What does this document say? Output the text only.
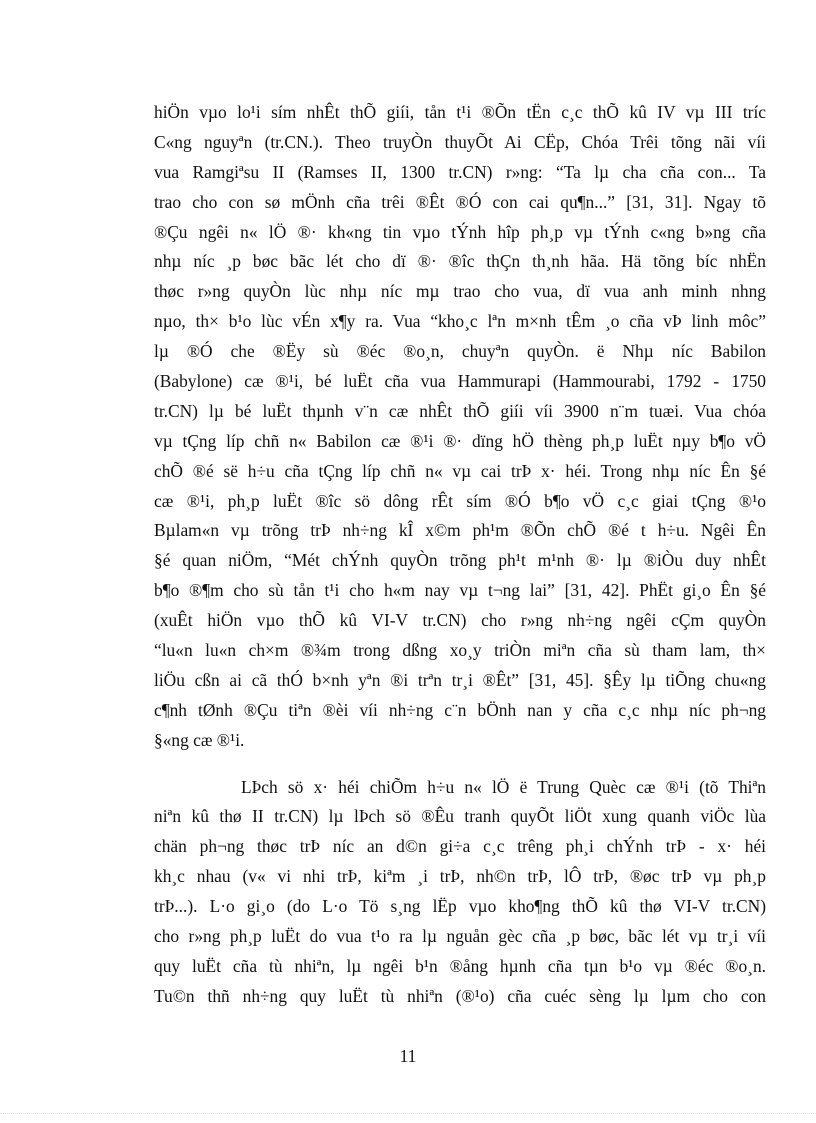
hiÖn vµo lo¹i sím nhÊt thÕ giíi, tån t¹i ®Õn tËn c¸c thÕ kû IV vµ III tríc
C«ng nguyªn (tr.CN.). Theo truyÒn thuyÕt Ai CËp, Chóa Trêi tõng nãi víi
vua Ramgiªsu II (Ramses II, 1300 tr.CN) r»ng: “Ta lµ cha cña con... Ta
trao cho con sø mÖnh cña trêi ®Êt ®Ó con cai qu¶n...” [31, 31]. Ngay tõ
®Çu ngêi n« lÖ ®· kh«ng tin vµo tÝnh hîp ph¸p vµ tÝnh c«ng b»ng cña
nhµ níc ¸p bøc bãc lét cho dï ®· ®îc thÇn th¸nh hãa. Hä tõng bíc nhËn
thøc r»ng quyÒn lùc nhµ níc mµ trao cho vua, dï vua anh minh nhng
nµo, th× b¹o lùc vÉn x¶y ra. Vua “kho¸c lªn m×nh tÊm ¸o cña vÞ linh môc”
lµ ®Ó che ®Ëy sù ®éc ®o¸n, chuyªn quyÒn. ë Nhµ níc Babilon
(Babylone) cæ ®¹i, bé luËt cña vua Hammurapi (Hammourabi, 1792 - 1750
tr.CN) lµ bé luËt thµnh v¨n cæ nhÊt thÕ giíi víi 3900 n¨m tuæi. Vua chóa
vµ tÇng líp chñ n« Babilon cæ ®¹i ®· dïng hÖ thèng ph¸p luËt nµy b¶o vÖ
chÕ ®é së h÷u cña tÇng líp chñ n« vµ cai trÞ x· héi. Trong nhµ níc Ên §é
cæ ®¹i, ph¸p luËt ®îc sö dông rÊt sím ®Ó b¶o vÖ c¸c giai tÇng ®¹o
Bµlam«n vµ trõng trÞ nh÷ng kÎ x©m ph¹m ®Õn chÕ ®é t h÷u. Ngêi Ên
§é quan niÖm, “Mét chÝnh quyÒn trõng ph¹t m¹nh ®· lµ ®iÒu duy nhÊt
b¶o ®¶m cho sù tån t¹i cho h«m nay vµ t¬ng lai” [31, 42]. PhËt gi¸o Ên §é
(xuÊt hiÖn vµo thÕ kû VI-V tr.CN) cho r»ng nh÷ng ngêi cÇm quyÒn
“lu«n lu«n ch×m ®¾m trong dßng xo¸y triÒn miªn cña sù tham lam, th×
liÖu cßn ai cã thÓ b×nh yªn ®i trªn tr¸i ®Êt” [31, 45]. §Êy lµ tiÕng chu«ng
c¶nh tØnh ®Çu tiªn ®èi víi nh÷ng c¨n bÖnh nan y cña c¸c nhµ níc ph¬ng
§«ng cæ ®¹i.
LÞch sö x· héi chiÕm h÷u n« lÖ ë Trung Quèc cæ ®¹i (tõ Thiªn
niªn kû thø II tr.CN) lµ lÞch sö ®Êu tranh quyÕt liÖt xung quanh viÖc lùa
chän ph¬ng thøc trÞ níc an d©n gi÷a c¸c trêng ph¸i chÝnh trÞ - x· héi
kh¸c nhau (v« vi nhi trÞ, kiªm ¸i trÞ, nh©n trÞ, lÔ trÞ, ®øc trÞ vµ ph¸p
trÞ...). L·o gi¸o (do L·o Tö s¸ng lËp vµo kho¶ng thÕ kû thø VI-V tr.CN)
cho r»ng ph¸p luËt do vua t¹o ra lµ nguån gèc cña ¸p bøc, bãc lét vµ tr¸i víi
quy luËt cña tù nhiªn, lµ ngêi b¹n ®ång hµnh cña tµn b¹o vµ ®éc ®o¸n.
Tu©n thñ nh÷ng quy luËt tù nhiªn (®¹o) cña cuéc sèng lµ lµm cho con
11
